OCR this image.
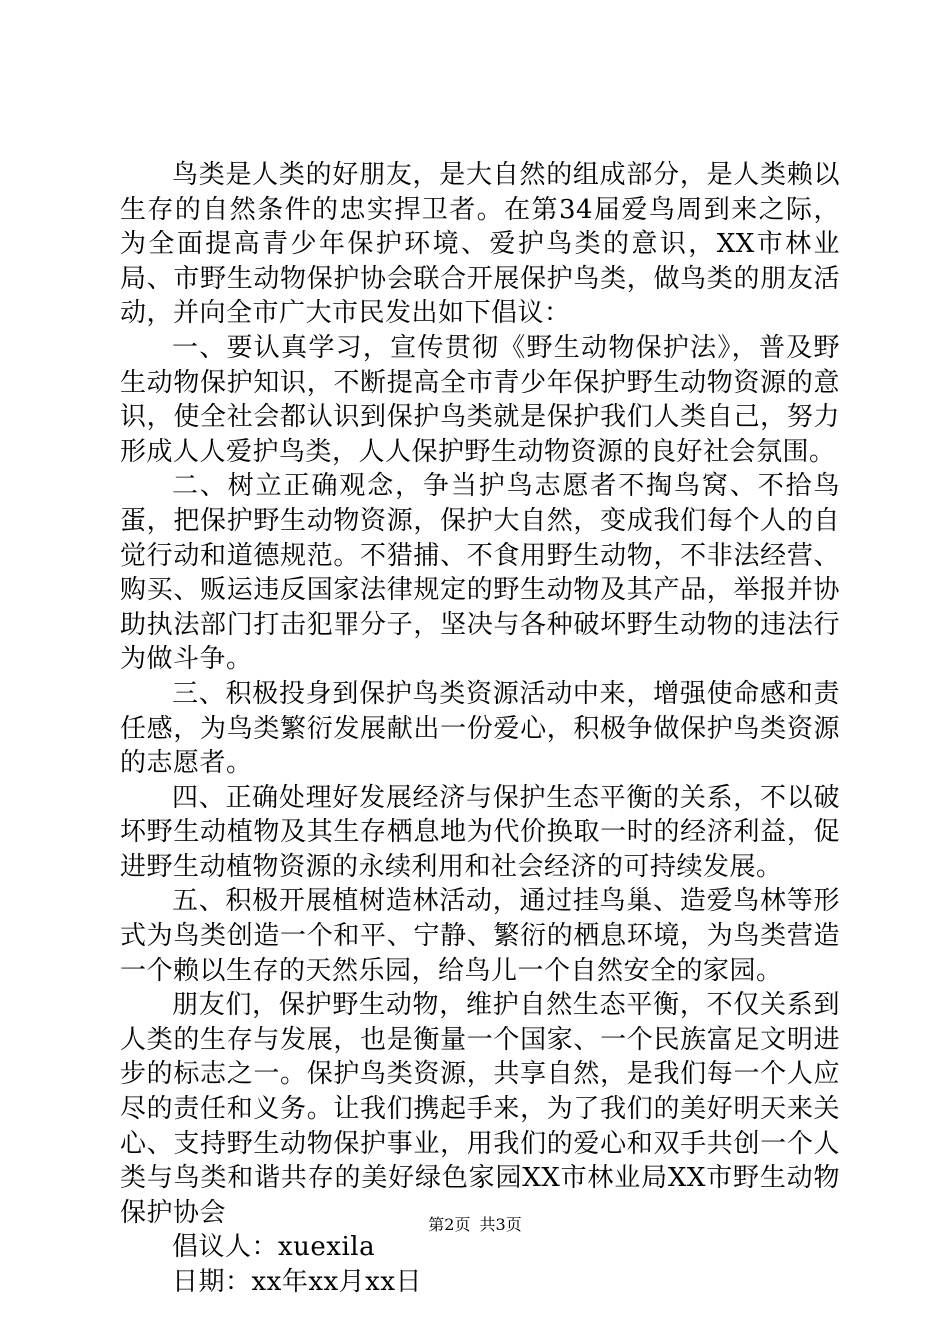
鸟类是人类的好朋友，是大自然的组成部分，是人类赖以生存的自然条件的忠实捍卫者。在第34届爱鸟周到来之际，为全面提高青少年保护环境、爱护鸟类的意识，XX市林业局、市野生动物保护协会联合开展保护鸟类，做鸟类的朋友活动，并向全市广大市民发出如下倡议：

一、要认真学习，宣传贯彻《野生动物保护法》，普及野生动物保护知识，不断提高全市青少年保护野生动物资源的意识，使全社会都认识到保护鸟类就是保护我们人类自己，努力形成人人爱护鸟类，人人保护野生动物资源的良好社会氛围。

二、树立正确观念，争当护鸟志愿者不掏鸟窝、不拾鸟蛋，把保护野生动物资源，保护大自然，变成我们每个人的自觉行动和道德规范。不猎捕、不食用野生动物，不非法经营、购买、贩运违反国家法律规定的野生动物及其产品，举报并协助执法部门打击犯罪分子，坚决与各种破坏野生动物的违法行为做斗争。

三、积极投身到保护鸟类资源活动中来，增强使命感和责任感，为鸟类繁衍发展献出一份爱心，积极争做保护鸟类资源的志愿者。

四、正确处理好发展经济与保护生态平衡的关系，不以破坏野生动植物及其生存栖息地为代价换取一时的经济利益，促进野生动植物资源的永续利用和社会经济的可持续发展。

五、积极开展植树造林活动，通过挂鸟巢、造爱鸟林等形式为鸟类创造一个和平、宁静、繁衍的栖息环境，为鸟类营造一个赖以生存的天然乐园，给鸟儿一个自然安全的家园。

朋友们，保护野生动物，维护自然生态平衡，不仅关系到人类的生存与发展，也是衡量一个国家、一个民族富足文明进步的标志之一。保护鸟类资源，共享自然，是我们每一个人应尽的责任和义务。让我们携起手来，为了我们的美好明天来关心、支持野生动物保护事业，用我们的爱心和双手共创一个人类与鸟类和谐共存的美好绿色家园XX市林业局XX市野生动物保护协会

倡议人：xuexila

日期：xx年xx月xx日

第2页 共3页
